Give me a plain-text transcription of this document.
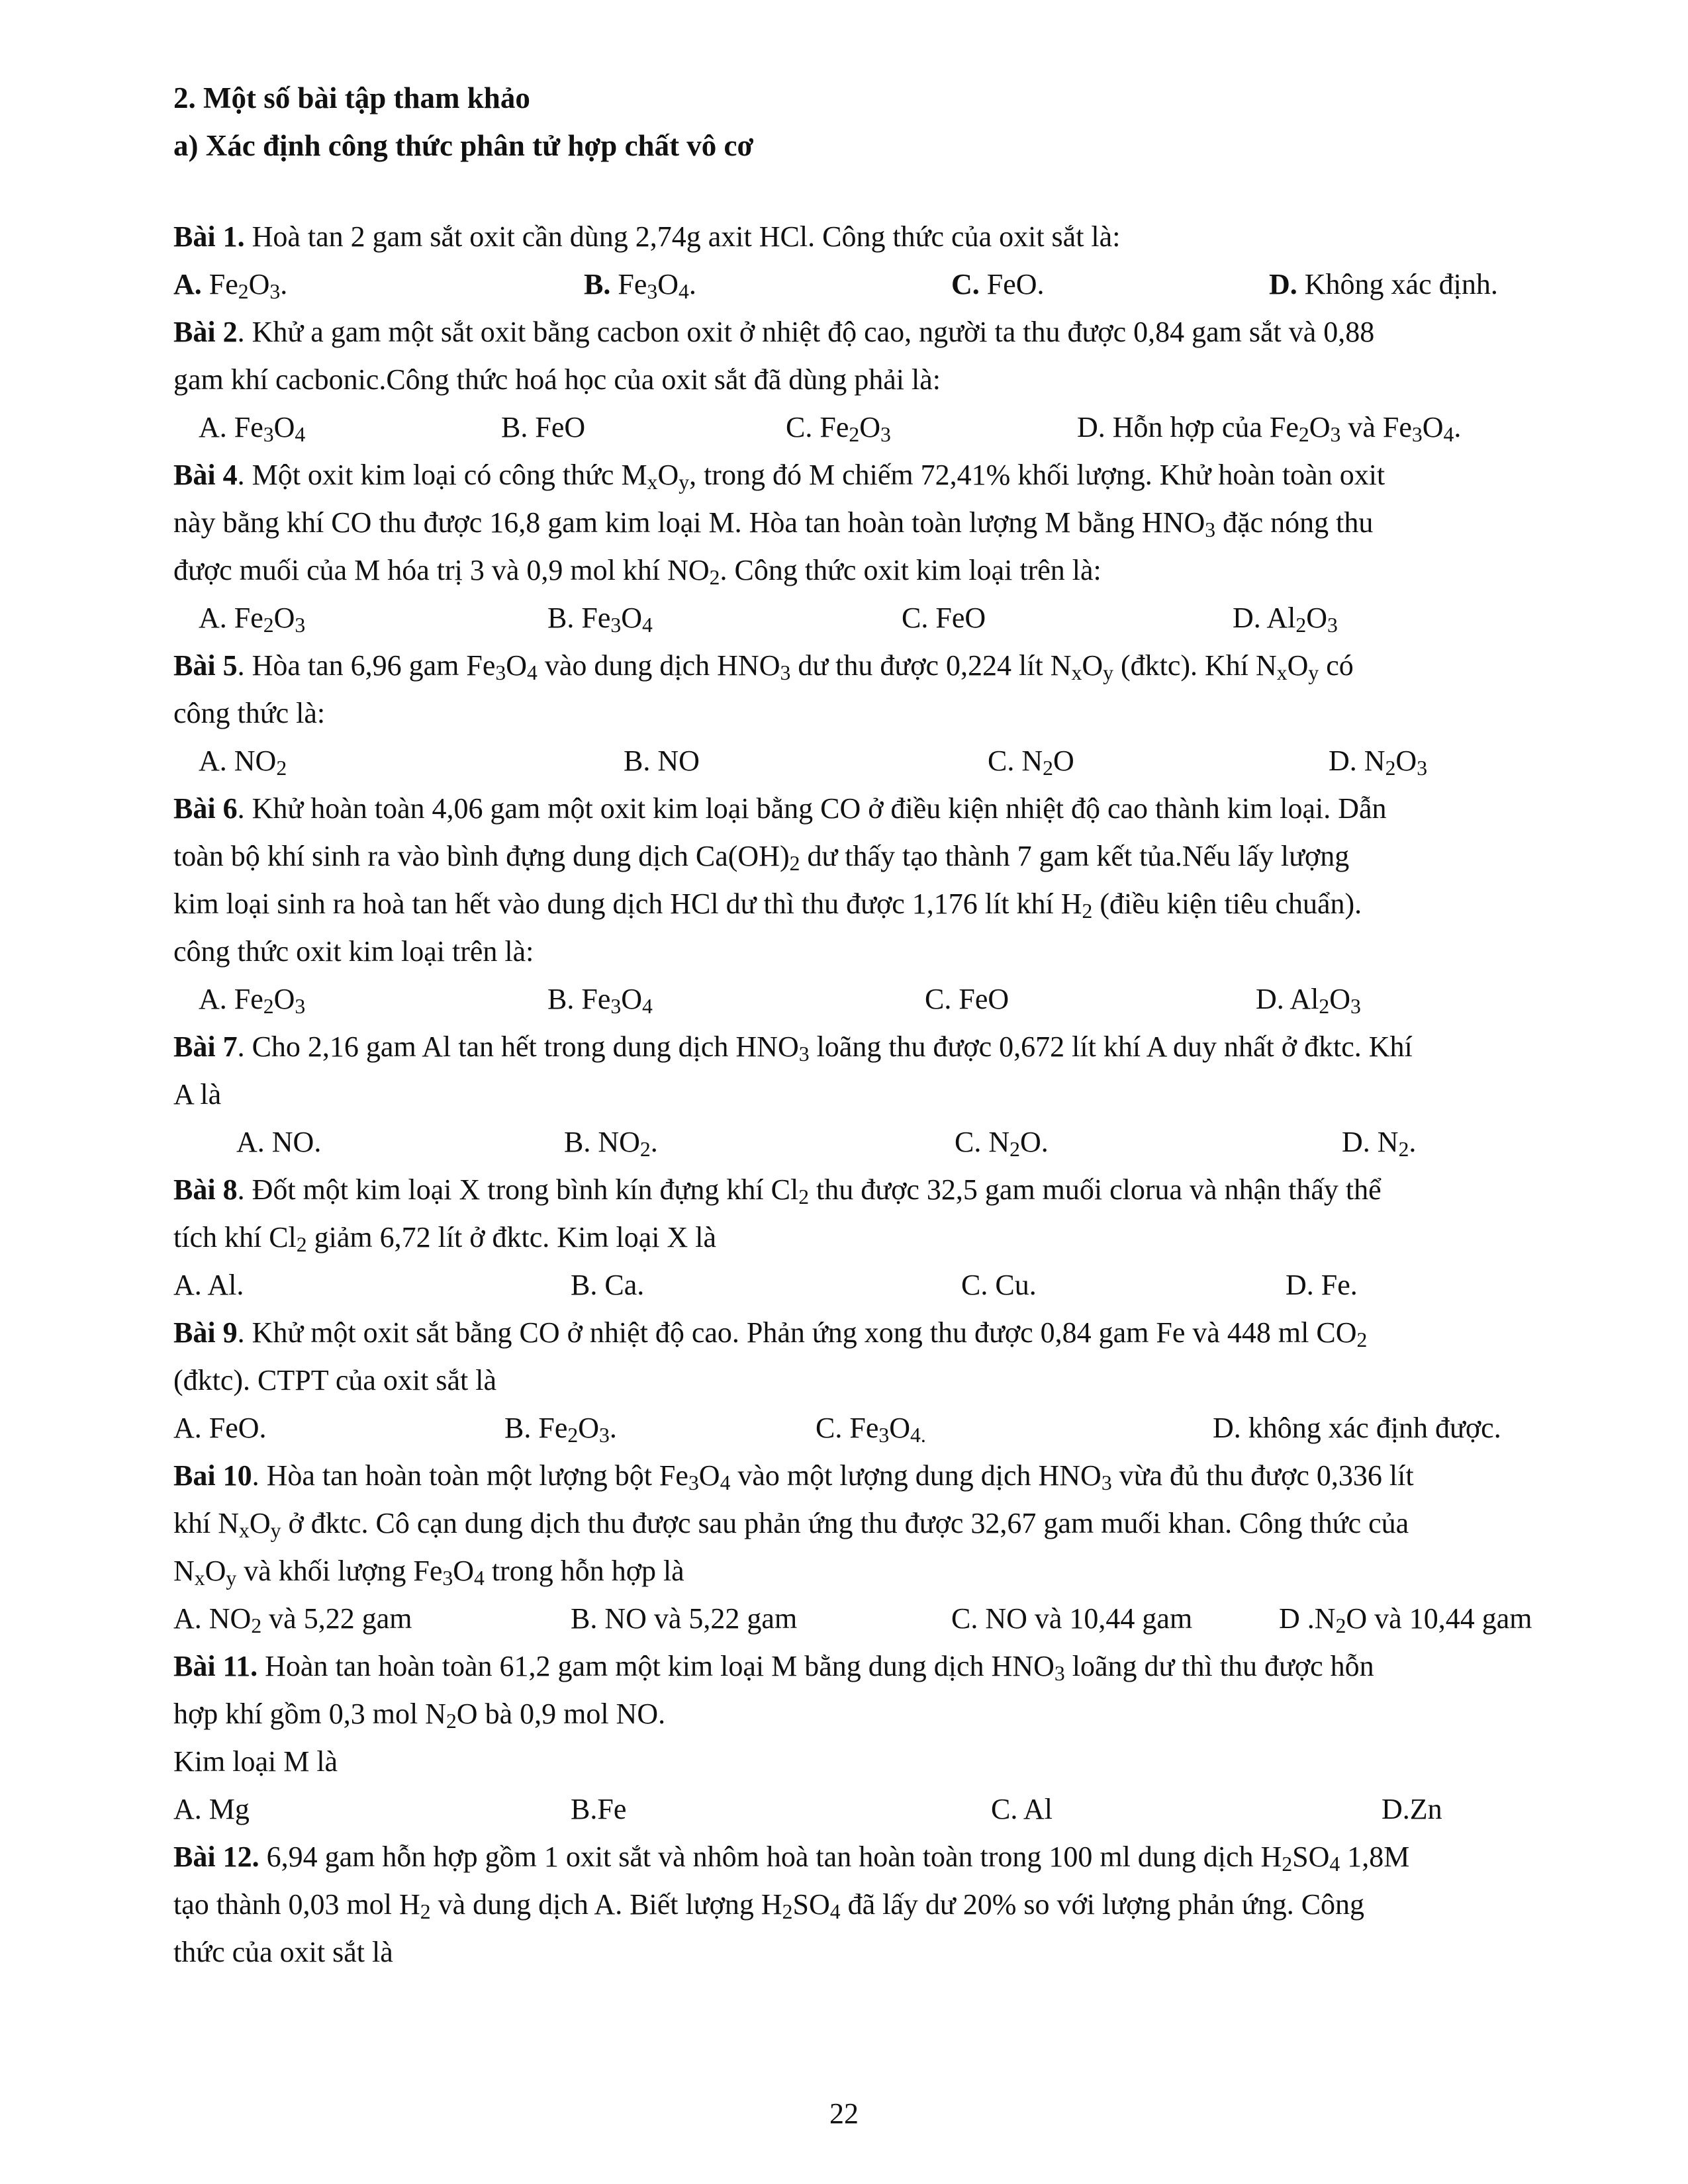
2. Một số bài tập tham khảo
a) Xác định công thức phân tử hợp chất vô cơ
Bài 1. Hoà tan 2 gam sắt oxit cần dùng 2,74g axit HCl. Công thức của oxit sắt là:
A. $Fe_2O_3$.	B. $Fe_3O_4$.	C. FeO.	D. Không xác định.
Bài 2. Khử a gam một sắt oxit bằng cacbon oxit ở nhiệt độ cao, người ta thu được 0,84 gam sắt và 0,88
gam khí cacbonic.Công thức hoá học của oxit sắt đã dùng phải là:
A. $Fe_3O_4$	B. FeO	C. $Fe_2O_3$	D. Hỗn hợp của $Fe_2O_3$ và $Fe_3O_4$.
Bài 4. Một oxit kim loại có công thức $M_xO_y$, trong đó M chiếm 72,41% khối lượng. Khử hoàn toàn oxit
này bằng khí CO thu được 16,8 gam kim loại M. Hòa tan hoàn toàn lượng M bằng $HNO_3$ đặc nóng thu
được muối của M hóa trị 3 và 0,9 mol khí $NO_2$. Công thức oxit kim loại trên là:
A. $Fe_2O_3$	B. $Fe_3O_4$	C. FeO	D. $Al_2O_3$
Bài 5. Hòa tan 6,96 gam $Fe_3O_4$ vào dung dịch $HNO_3$ dư thu được 0,224 lít $N_xO_y$ (đktc). Khí $N_xO_y$ có
công thức là:
A. $NO_2$	B. NO	C. $N_2O$	D. $N_2O_3$
Bài 6. Khử hoàn toàn 4,06 gam một oxit kim loại bằng CO ở điều kiện nhiệt độ cao thành kim loại. Dẫn
toàn bộ khí sinh ra vào bình đựng dung dịch $Ca(OH)_2$ dư thấy tạo thành 7 gam kết tủa.Nếu lấy lượng
kim loại sinh ra hoà tan hết vào dung dịch HCl dư thì thu được 1,176 lít khí $H_2$ (điều kiện tiêu chuẩn).
công thức oxit kim loại trên là:
A. $Fe_2O_3$	B. $Fe_3O_4$	C. FeO	D. $Al_2O_3$
Bài 7. Cho 2,16 gam Al tan hết trong dung dịch $HNO_3$ loãng thu được 0,672 lít khí A duy nhất ở đktc. Khí
A là
A. NO.	B. $NO_2$.	C. $N_2O$.	D. $N_2$.
Bài 8. Đốt một kim loại X trong bình kín đựng khí $Cl_2$ thu được 32,5 gam muối clorua và nhận thấy thể
tích khí $Cl_2$ giảm 6,72 lít ở đktc. Kim loại X là
A. Al.	B. Ca.	C. Cu.	D. Fe.
Bài 9. Khử một oxit sắt bằng CO ở nhiệt độ cao. Phản ứng xong thu được 0,84 gam Fe và 448 ml $CO_2$
(đktc). CTPT của oxit sắt là
A. FeO.	B. $Fe_2O_3$.	C. $Fe_3O_{4.}$	D. không xác định được.
Bai 10. Hòa tan hoàn toàn một lượng bột $Fe_3O_4$ vào một lượng dung dịch $HNO_3$ vừa đủ thu được 0,336 lít
khí $N_xO_y$ ở đktc. Cô cạn dung dịch thu được sau phản ứng thu được 32,67 gam muối khan. Công thức của
$N_xO_y$ và khối lượng $Fe_3O_4$ trong hỗn hợp là
A. $NO_2$ và 5,22 gam	B. NO và 5,22 gam	C. NO và 10,44 gam	D $.N_2O$ và 10,44 gam
Bài 11. Hoàn tan hoàn toàn 61,2 gam một kim loại M bằng dung dịch $HNO_3$ loãng dư thì thu được hỗn
hợp khí gồm 0,3 mol $N_2O$ bà 0,9 mol NO.
Kim loại M là
A. Mg	B.Fe	C. Al	D.Zn
Bài 12. 6,94 gam hỗn hợp gồm 1 oxit sắt và nhôm hoà tan hoàn toàn trong 100 ml dung dịch $H_2SO_4$ 1,8M
tạo thành 0,03 mol $H_2$ và dung dịch A. Biết lượng $H_2SO_4$ đã lấy dư 20% so với lượng phản ứng. Công
thức của oxit sắt là
22
